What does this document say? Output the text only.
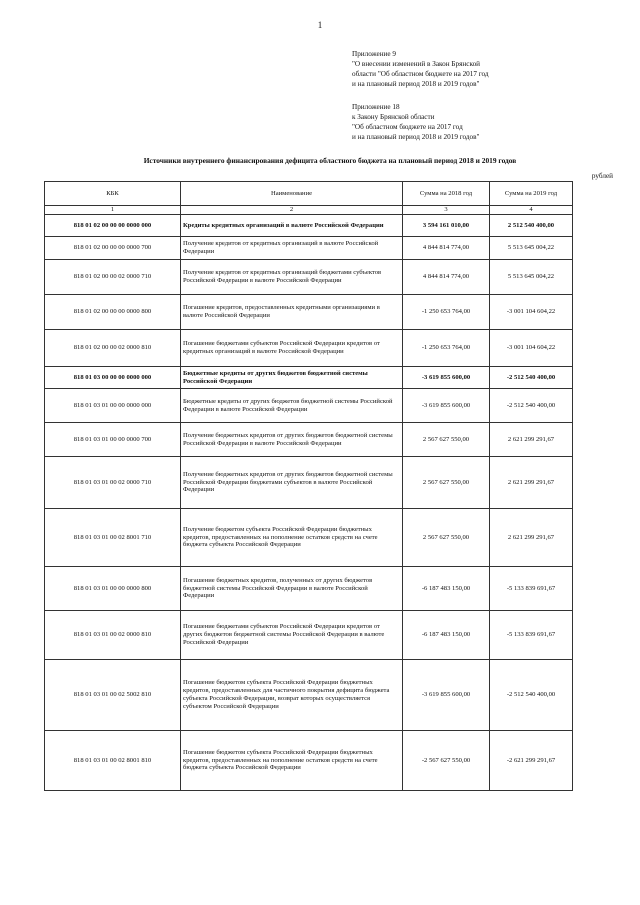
1
Приложение 9
"О внесении изменений в Закон Брянской
области "Об областном бюджете на 2017 год
и на плановый период 2018 и 2019 годов"
Приложение 18
к Закону Брянской области
"Об областном бюджете на 2017 год
и на плановый период 2018 и 2019 годов"
Источники внутреннего финансирования дефицита областного бюджета на плановый период 2018 и 2019 годов
рублей
КБК	Наименование	Сумма на 2018 год	Сумма на 2019 год
1	2	3	4
818 01 02 00 00 00 0000 000	Кредиты кредитных организаций в валюте Российской Федерации	3 594 161 010,00	2 512 540 400,00
818 01 02 00 00 00 0000 700	Получение кредитов от кредитных организаций в валюте Российской Федерации	4 844 814 774,00	5 513 645 004,22
818 01 02 00 00 02 0000 710	Получение кредитов от кредитных организаций бюджетами субъектов Российской Федерации в валюте Российской Федерации	4 844 814 774,00	5 513 645 004,22
818 01 02 00 00 00 0000 800	Погашение кредитов, предоставленных кредитными организациями в валюте Российской Федерации	-1 250 653 764,00	-3 001 104 604,22
818 01 02 00 00 02 0000 810	Погашение бюджетами субъектов Российской Федерации кредитов от кредитных организаций в валюте Российской Федерации	-1 250 653 764,00	-3 001 104 604,22
818 01 03 00 00 00 0000 000	Бюджетные кредиты от других бюджетов бюджетной системы Российской Федерации	-3 619 855 600,00	-2 512 540 400,00
818 01 03 01 00 00 0000 000	Бюджетные кредиты от других бюджетов бюджетной системы Российской Федерации в валюте Российской Федерации	-3 619 855 600,00	-2 512 540 400,00
818 01 03 01 00 00 0000 700	Получение бюджетных кредитов от других бюджетов бюджетной системы Российской Федерации в валюте Российской Федерации	2 567 627 550,00	2 621 299 291,67
818 01 03 01 00 02 0000 710	Получение бюджетных кредитов от других бюджетов бюджетной системы Российской Федерации бюджетами субъектов в валюте Российской Федерации	2 567 627 550,00	2 621 299 291,67
818 01 03 01 00 02 8001 710	Получение бюджетом субъекта Российской Федерации бюджетных кредитов, предоставленных на пополнение остатков средств на счете бюджета субъекта Российской Федерации	2 567 627 550,00	2 621 299 291,67
818 01 03 01 00 00 0000 800	Погашение бюджетных кредитов, полученных от других бюджетов бюджетной системы Российской Федерации в валюте Российской Федерации	-6 187 483 150,00	-5 133 839 691,67
818 01 03 01 00 02 0000 810	Погашение бюджетами субъектов Российской Федерации кредитов от других бюджетов бюджетной системы Российской Федерации в валюте Российской Федерации	-6 187 483 150,00	-5 133 839 691,67
818 01 03 01 00 02 5002 810	Погашение бюджетом субъекта Российской Федерации бюджетных кредитов, предоставленных для частичного покрытия дефицита бюджета субъекта Российской Федерации, возврат которых осуществляется субъектом Российской Федерации	-3 619 855 600,00	-2 512 540 400,00
818 01 03 01 00 02 8001 810	Погашение бюджетом субъекта Российской Федерации бюджетных кредитов, предоставленных на пополнение остатков средств на счете бюджета субъекта Российской Федерации	-2 567 627 550,00	-2 621 299 291,67
